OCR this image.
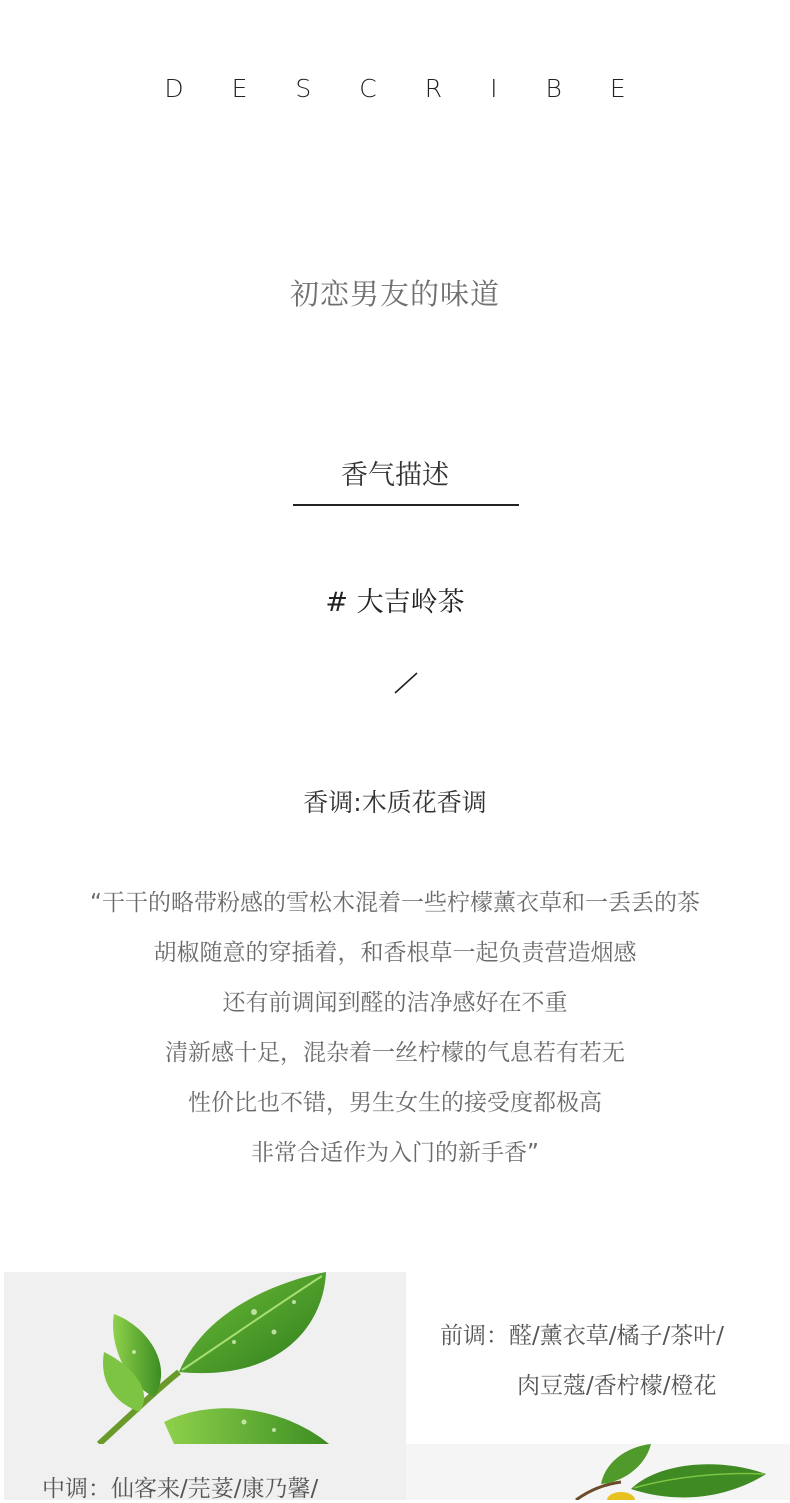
DESCRIBE
初恋男友的味道
香气描述
# 大吉岭茶
香调:木质花香调
“干干的略带粉感的雪松木混着一些柠檬薰衣草和一丢丢的茶
胡椒随意的穿插着，和香根草一起负责营造烟感
还有前调闻到醛的洁净感好在不重
清新感十足，混杂着一丝柠檬的气息若有若无
性价比也不错，男生女生的接受度都极高
非常合适作为入门的新手香”
前调：醛/薰衣草/橘子/茶叶/
肉豆蔻/香柠檬/橙花
中调：仙客来/芫荽/康乃馨/
